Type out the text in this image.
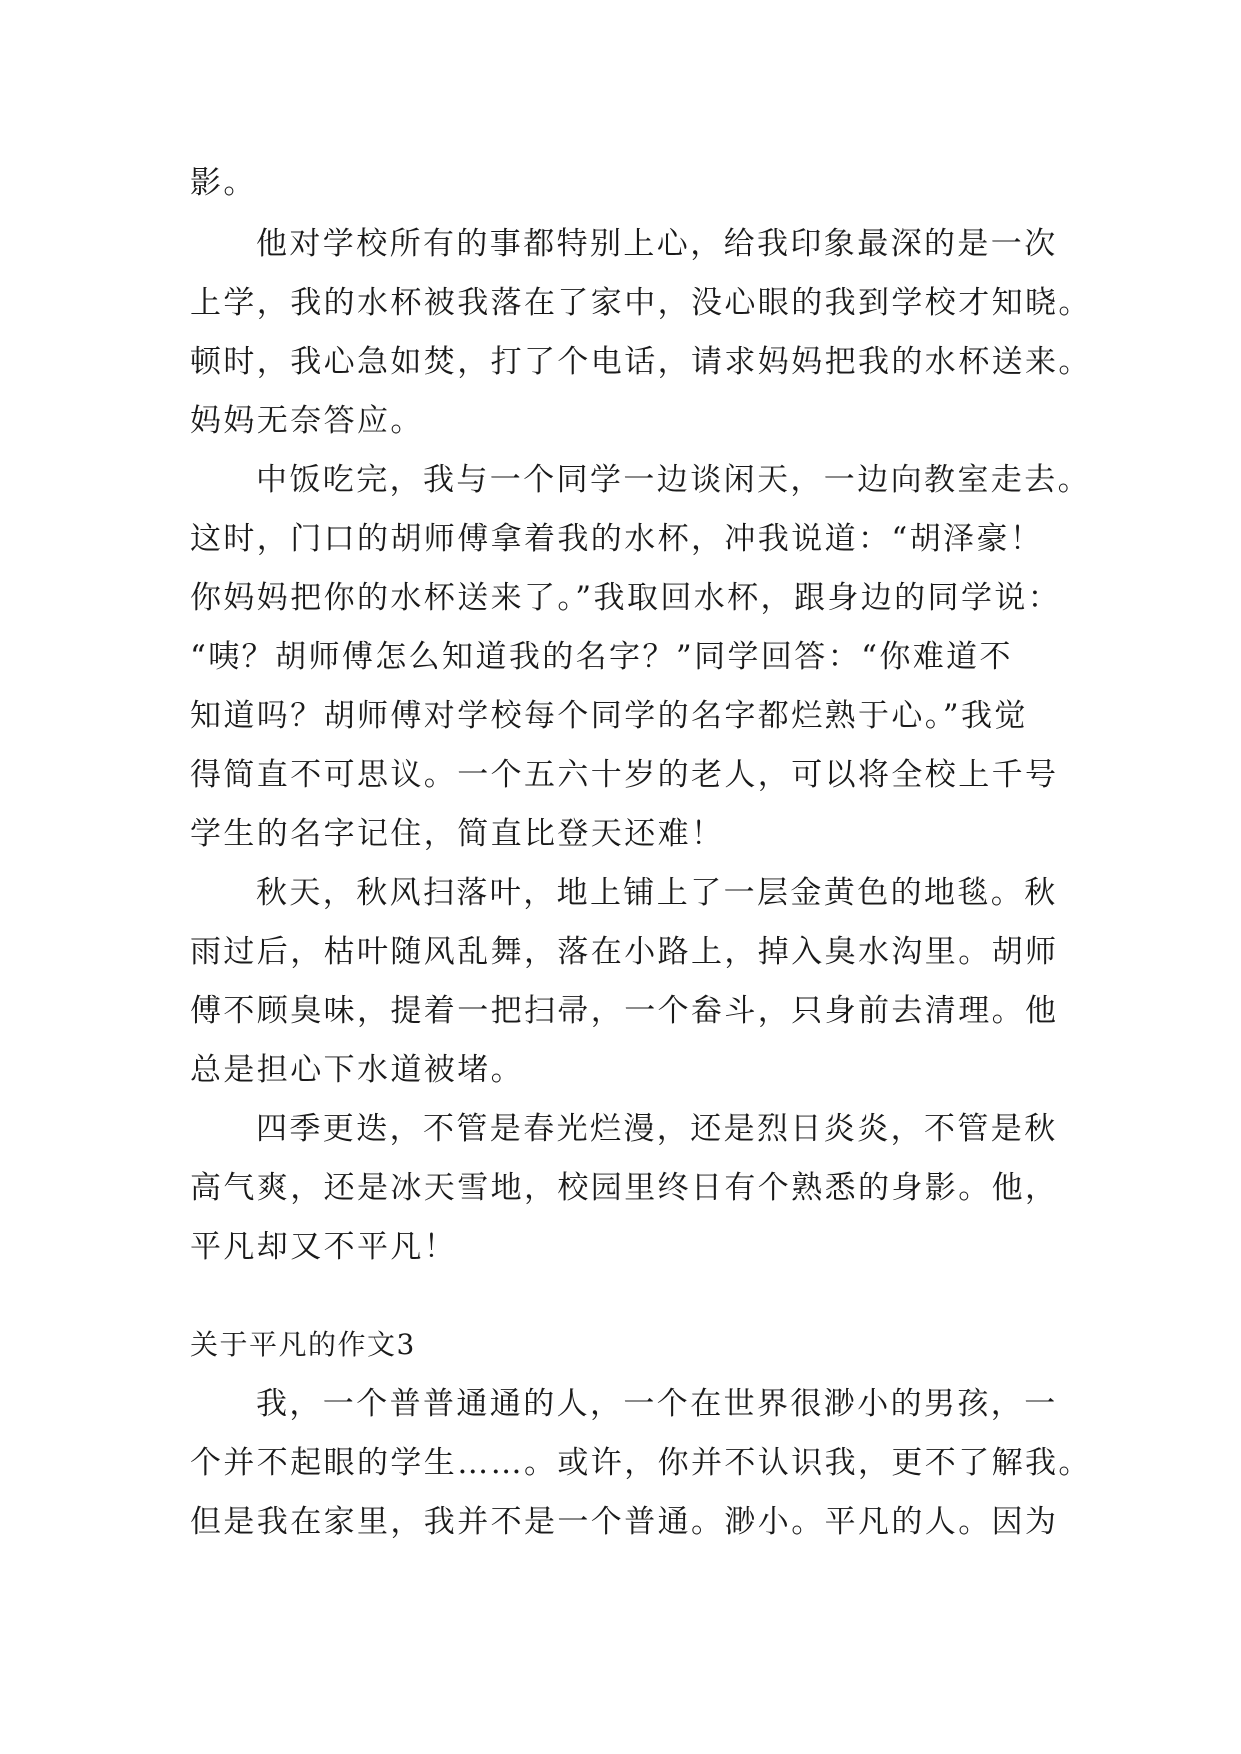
影。
他对学校所有的事都特别上心，给我印象最深的是一次
上学，我的水杯被我落在了家中，没心眼的我到学校才知晓。
顿时，我心急如焚，打了个电话，请求妈妈把我的水杯送来。
妈妈无奈答应。
中饭吃完，我与一个同学一边谈闲天，一边向教室走去。
这时，门口的胡师傅拿着我的水杯，冲我说道：“胡泽豪！
你妈妈把你的水杯送来了。”我取回水杯，跟身边的同学说：
“咦？胡师傅怎么知道我的名字？”同学回答：“你难道不
知道吗？胡师傅对学校每个同学的名字都烂熟于心。”我觉
得简直不可思议。一个五六十岁的老人，可以将全校上千号
学生的名字记住，简直比登天还难！
秋天，秋风扫落叶，地上铺上了一层金黄色的地毯。秋
雨过后，枯叶随风乱舞，落在小路上，掉入臭水沟里。胡师
傅不顾臭味，提着一把扫帚，一个畚斗，只身前去清理。他
总是担心下水道被堵。
四季更迭，不管是春光烂漫，还是烈日炎炎，不管是秋
高气爽，还是冰天雪地，校园里终日有个熟悉的身影。他，
平凡却又不平凡！
关于平凡的作文3
我，一个普普通通的人，一个在世界很渺小的男孩，一
个并不起眼的学生……。或许，你并不认识我，更不了解我。
但是我在家里，我并不是一个普通。渺小。平凡的人。因为
